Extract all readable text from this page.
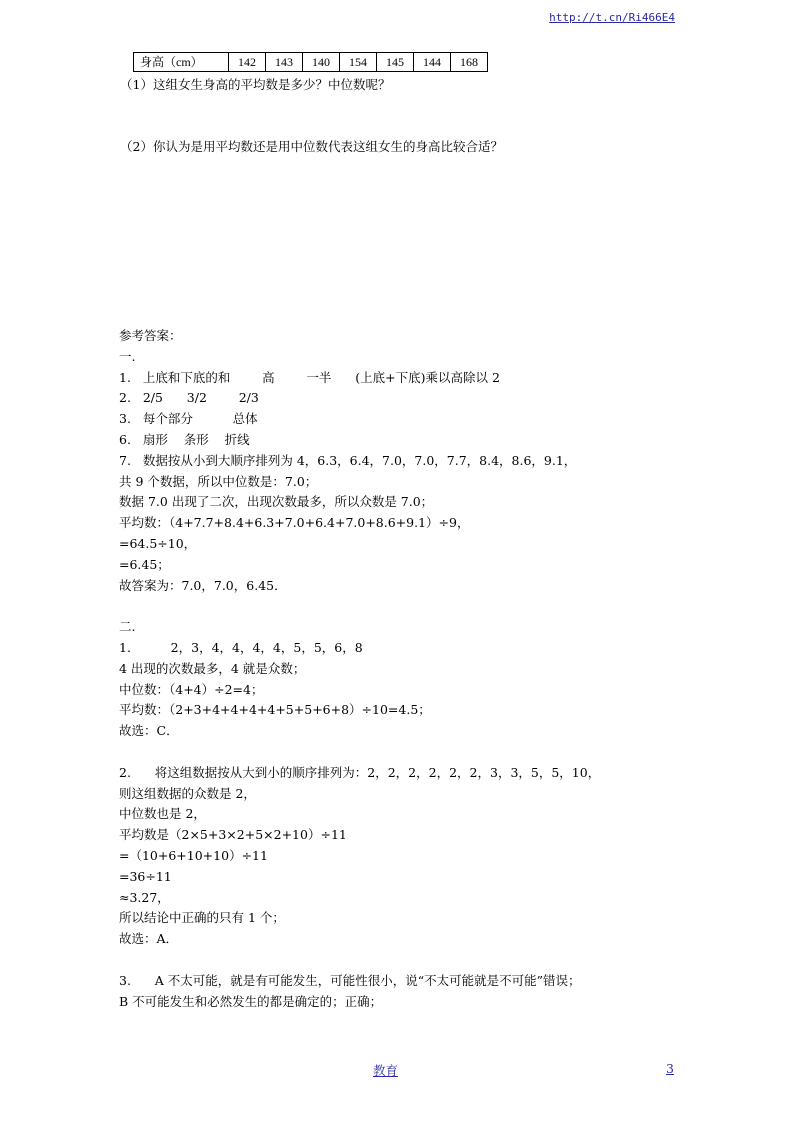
http://t.cn/Ri466E4
身高（cm）	142	143	140	154	145	144	168
（1）这组女生身高的平均数是多少？中位数呢？
（2）你认为是用平均数还是用中位数代表这组女生的身高比较合适？
参考答案：
一.
1.   上底和下底的和        高        一半      (上底+下底)乘以高除以 2
2.   2/5      3/2        2/3
3.   每个部分          总体
6.   扇形    条形    折线
7.   数据按从小到大顺序排列为 4，6.3，6.4，7.0，7.0，7.7，8.4，8.6，9.1，
共 9 个数据，所以中位数是：7.0；
数据 7.0 出现了二次，出现次数最多，所以众数是 7.0；
平均数：（4+7.7+8.4+6.3+7.0+6.4+7.0+8.6+9.1）÷9，
=64.5÷10，
=6.45；
故答案为：7.0，7.0，6.45．
二.
1.          2，3，4，4，4，4，5，5，6，8
4 出现的次数最多，4 就是众数；
中位数：（4+4）÷2=4；
平均数：（2+3+4+4+4+4+5+5+6+8）÷10=4.5；
故选：C．
2.      将这组数据按从大到小的顺序排列为：2，2，2，2，2，2，3，3，5，5，10，
则这组数据的众数是 2，
中位数也是 2，
平均数是（2×5+3×2+5×2+10）÷11
=（10+6+10+10）÷11
=36÷11
≈3.27，
所以结论中正确的只有 1 个；
故选：A．
3.      A 不太可能，就是有可能发生，可能性很小，说“不太可能就是不可能”错误；
B 不可能发生和必然发生的都是确定的；正确；
教育	3
